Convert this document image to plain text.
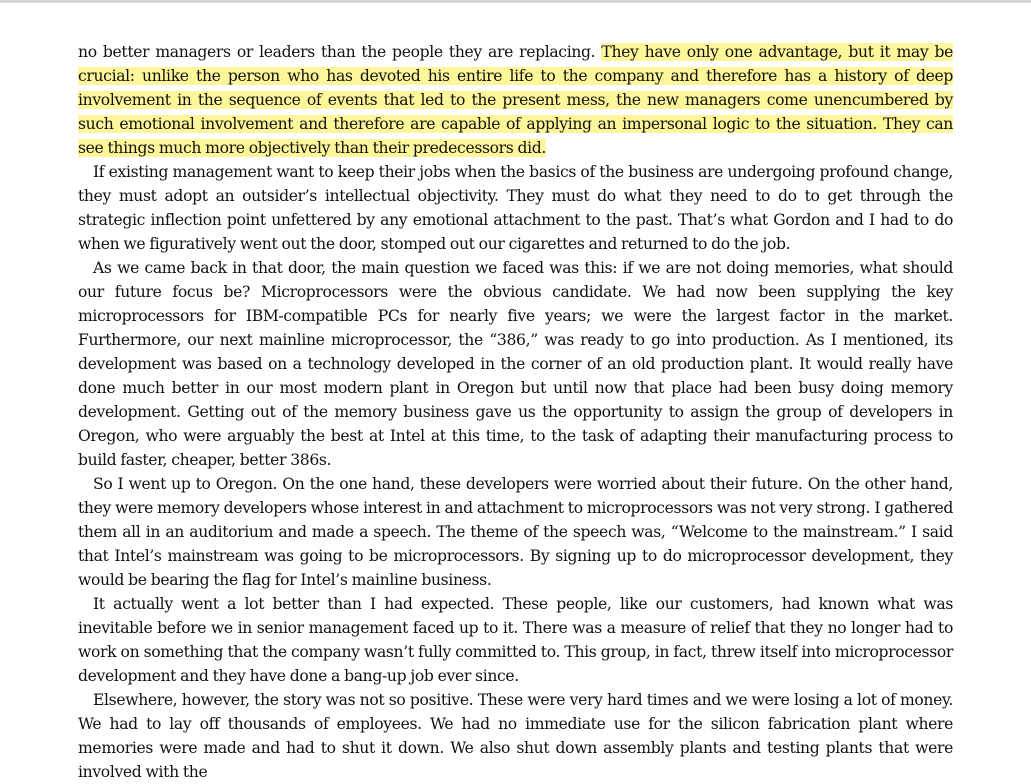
no better managers or leaders than the people they are replacing. They have only one advantage, but it may be crucial: unlike the person who has devoted his entire life to the company and therefore has a history of deep involvement in the sequence of events that led to the present mess, the new managers come unencumbered by such emotional involvement and therefore are capable of applying an impersonal logic to the situation. They can see things much more objectively than their predecessors did.

If existing management want to keep their jobs when the basics of the business are undergoing profound change, they must adopt an outsider’s intellectual objectivity. They must do what they need to do to get through the strategic inflection point unfettered by any emotional attachment to the past. That’s what Gordon and I had to do when we figuratively went out the door, stomped out our cigarettes and returned to do the job.

As we came back in that door, the main question we faced was this: if we are not doing memories, what should our future focus be? Microprocessors were the obvious candidate. We had now been supplying the key microprocessors for IBM-compatible PCs for nearly five years; we were the largest factor in the market. Furthermore, our next mainline microprocessor, the “386,” was ready to go into production. As I mentioned, its development was based on a technology developed in the corner of an old production plant. It would really have done much better in our most modern plant in Oregon but until now that place had been busy doing memory development. Getting out of the memory business gave us the opportunity to assign the group of developers in Oregon, who were arguably the best at Intel at this time, to the task of adapting their manufacturing process to build faster, cheaper, better 386s.

So I went up to Oregon. On the one hand, these developers were worried about their future. On the other hand, they were memory developers whose interest in and attachment to microprocessors was not very strong. I gathered them all in an auditorium and made a speech. The theme of the speech was, “Welcome to the mainstream.” I said that Intel’s mainstream was going to be microprocessors. By signing up to do microprocessor development, they would be bearing the flag for Intel’s mainline business.

It actually went a lot better than I had expected. These people, like our customers, had known what was inevitable before we in senior management faced up to it. There was a measure of relief that they no longer had to work on something that the company wasn’t fully committed to. This group, in fact, threw itself into microprocessor development and they have done a bang-up job ever since.

Elsewhere, however, the story was not so positive. These were very hard times and we were losing a lot of money. We had to lay off thousands of employees. We had no immediate use for the silicon fabrication plant where memories were made and had to shut it down. We also shut down assembly plants and testing plants that were involved with the
